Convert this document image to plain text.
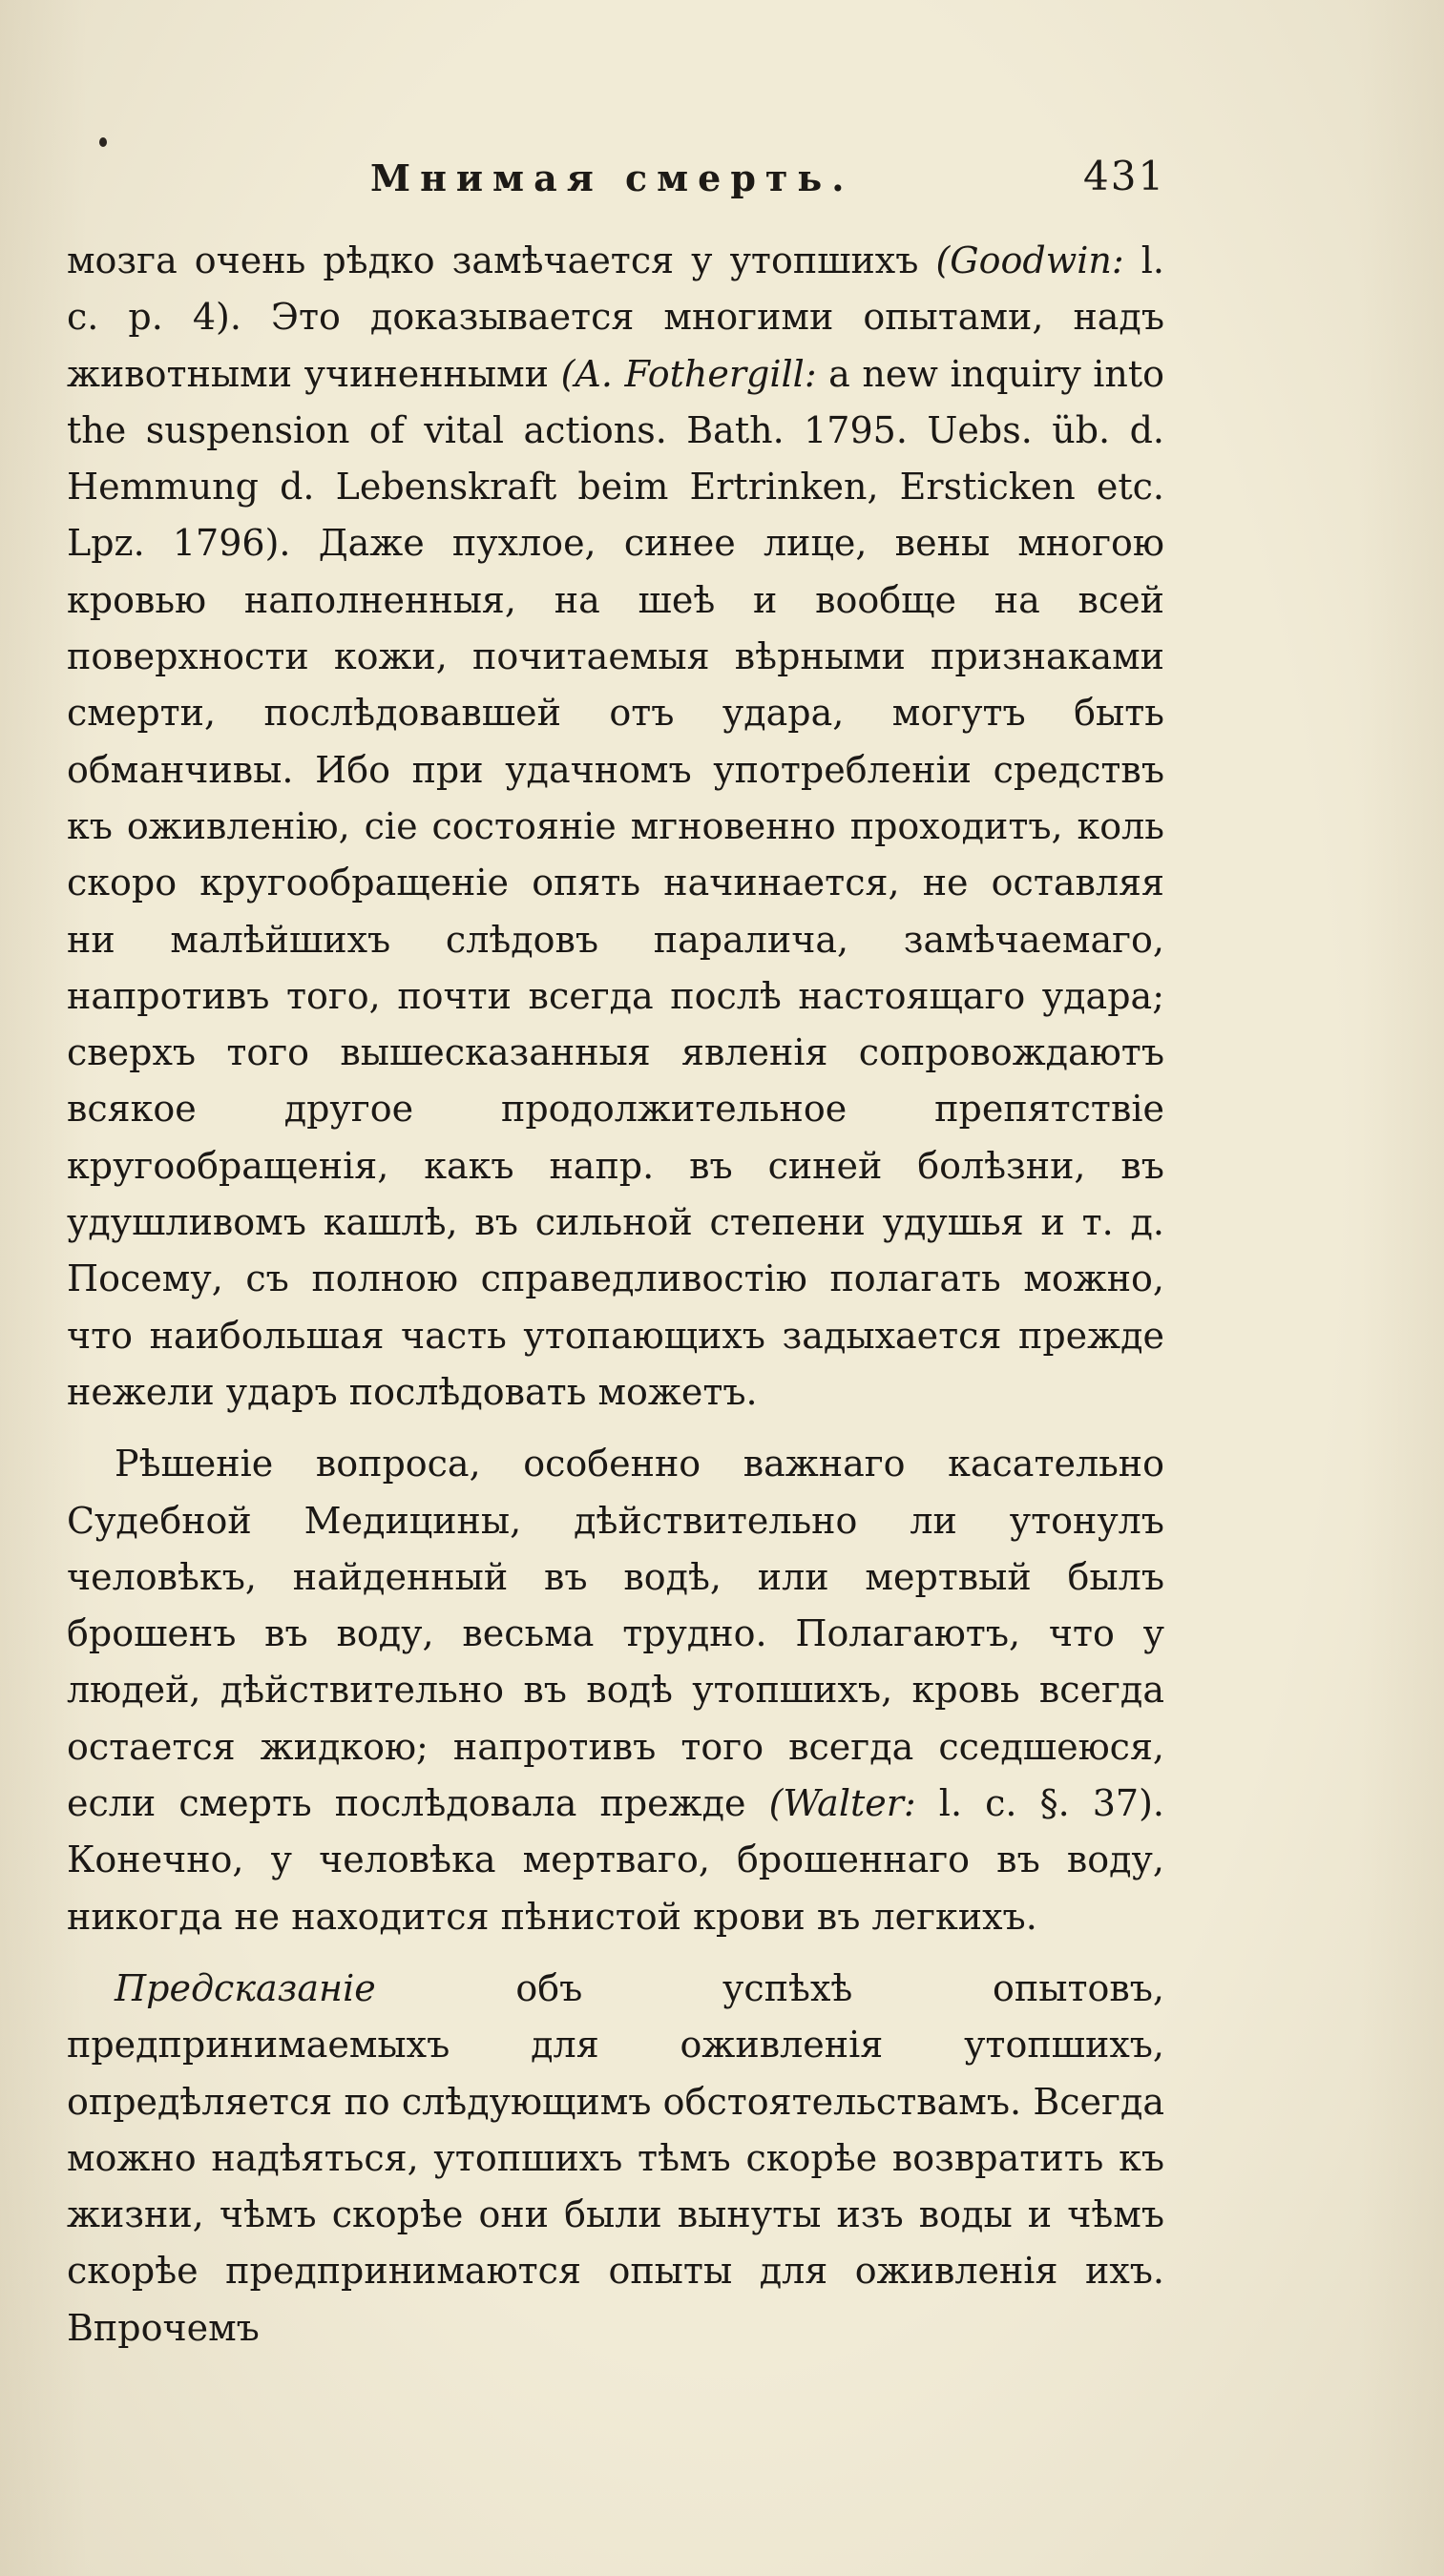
Мнимая смерть.	431

мозга очень рѣдко замѣчается у утопшихъ (Goodwin: l. c. p. 4). Это доказывается многими опытами, надъ животными учиненными (A. Fothergill: a new inquiry into the suspension of vital actions. Bath. 1795. Uebs. üb. d. Hemmung d. Lebenskraft beim Ertrinken, Ersticken etc. Lpz. 1796). Даже пухлое, синее лице, вены многою кровью наполненныя, на шеѣ и вообще на всей поверхности кожи, почитаемыя вѣрными признаками смерти, послѣдовавшей отъ удара, могутъ быть обманчивы. Ибо при удачномъ употребленіи средствъ къ оживленію, сіе состояніе мгновенно проходитъ, коль скоро кругообращеніе опять начинается, не оставляя ни малѣйшихъ слѣдовъ паралича, замѣчаемаго, напротивъ того, почти всегда послѣ настоящаго удара; сверхъ того вышесказанныя явленія сопровождаютъ всякое другое продолжительное препятствіе кругообращенія, какъ напр. въ синей болѣзни, въ удушливомъ кашлѣ, въ сильной степени удушья и т. д. Посему, съ полною справедливостію полагать можно, что наибольшая часть утопающихъ задыхается прежде нежели ударъ послѣдовать можетъ.

Рѣшеніе вопроса, особенно важнаго касательно Судебной Медицины, дѣйствительно ли утонулъ человѣкъ, найденный въ водѣ, или мертвый былъ брошенъ въ воду, весьма трудно. Полагаютъ, что у людей, дѣйствительно въ водѣ утопшихъ, кровь всегда остается жидкою; напротивъ того всегда сседшеюся, если смерть послѣдовала прежде (Walter: l. c. §. 37). Конечно, у человѣка мертваго, брошеннаго въ воду, никогда не находится пѣнистой крови въ легкихъ.

Предсказаніе объ успѣхѣ опытовъ, предпринимаемыхъ для оживленія утопшихъ, опредѣляется по слѣдующимъ обстоятельствамъ. Всегда можно надѣяться, утопшихъ тѣмъ скорѣе возвратить къ жизни, чѣмъ скорѣе они были вынуты изъ воды и чѣмъ скорѣе предпринимаются опыты для оживленія ихъ. Впрочемъ
